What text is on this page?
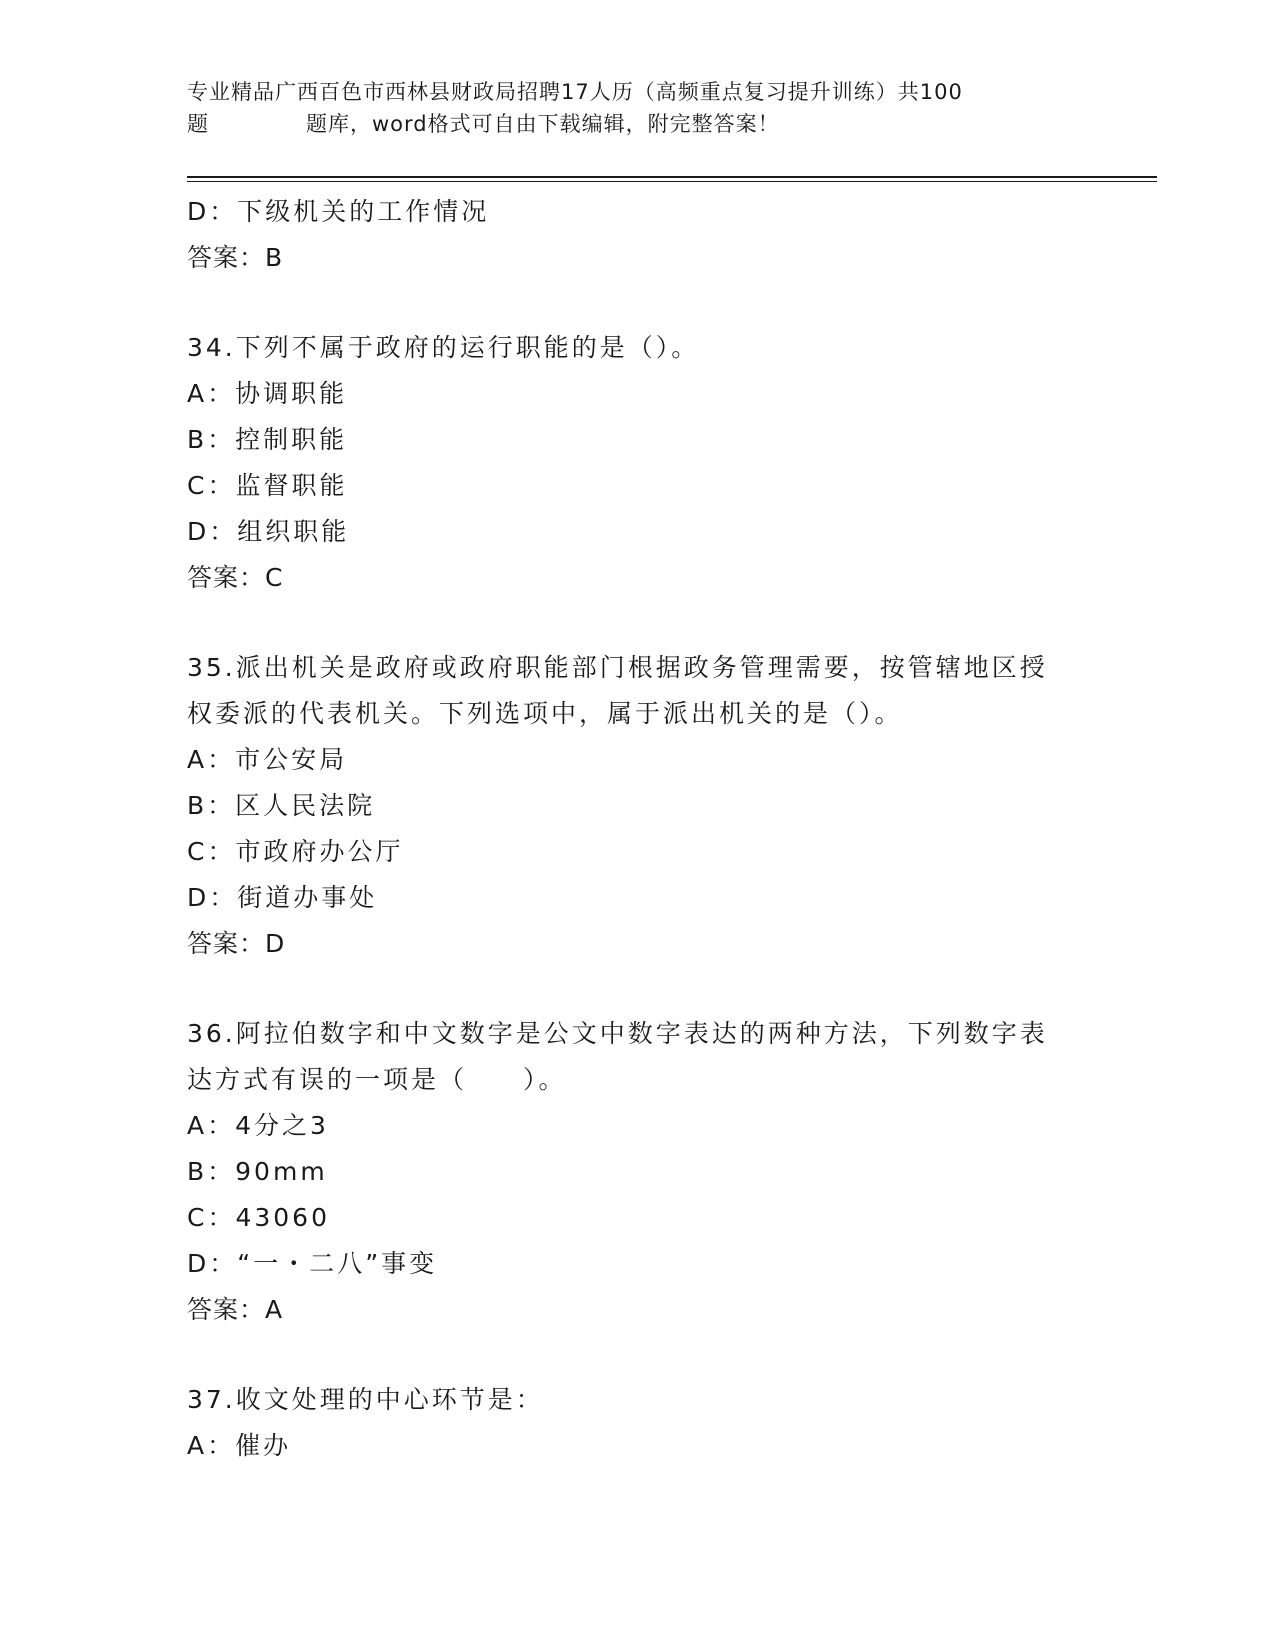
专业精品广西百色市西林县财政局招聘17人历（高频重点复习提升训练）共100
题	题库，word格式可自由下载编辑，附完整答案！
D：下级机关的工作情况
答案：B
34.下列不属于政府的运行职能的是（）。
A：协调职能
B：控制职能
C：监督职能
D：组织职能
答案：C
35.派出机关是政府或政府职能部门根据政务管理需要，按管辖地区授
权委派的代表机关。下列选项中，属于派出机关的是（）。
A：市公安局
B：区人民法院
C：市政府办公厅
D：街道办事处
答案：D
36.阿拉伯数字和中文数字是公文中数字表达的两种方法，下列数字表
达方式有误的一项是（　　）。
A：4分之3
B：90mm
C：43060
D：“一・二八”事变
答案：A
37.收文处理的中心环节是：
A：催办
